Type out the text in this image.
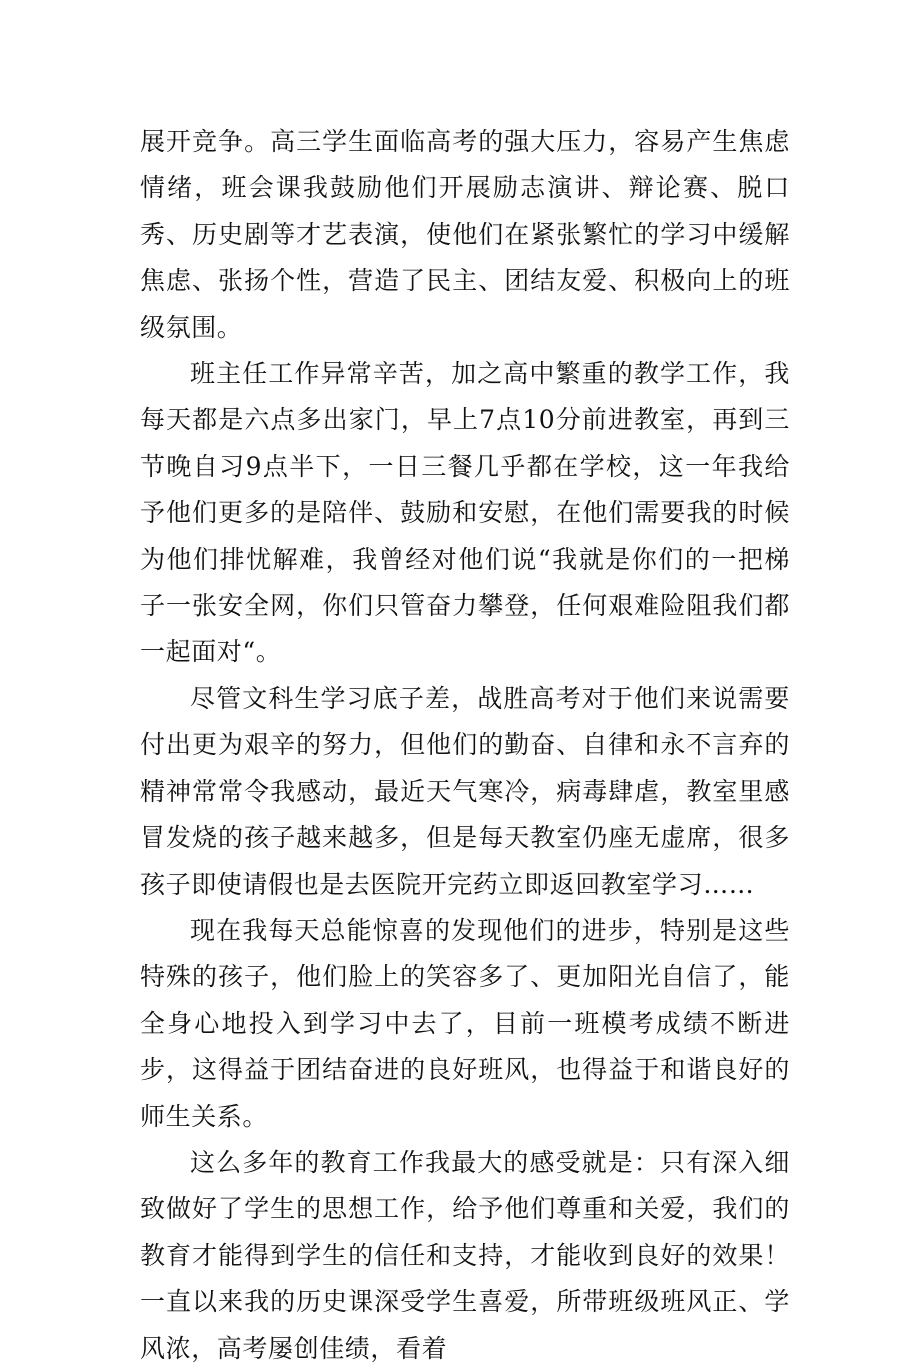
展开竞争。高三学生面临高考的强大压力，容易产生焦虑情绪，班会课我鼓励他们开展励志演讲、辩论赛、脱口秀、历史剧等才艺表演，使他们在紧张繁忙的学习中缓解焦虑、张扬个性，营造了民主、团结友爱、积极向上的班级氛围。

班主任工作异常辛苦，加之高中繁重的教学工作，我每天都是六点多出家门，早上7点10分前进教室，再到三节晚自习9点半下，一日三餐几乎都在学校，这一年我给予他们更多的是陪伴、鼓励和安慰，在他们需要我的时候为他们排忧解难，我曾经对他们说“我就是你们的一把梯子一张安全网，你们只管奋力攀登，任何艰难险阻我们都一起面对“。

尽管文科生学习底子差，战胜高考对于他们来说需要付出更为艰辛的努力，但他们的勤奋、自律和永不言弃的精神常常令我感动，最近天气寒冷，病毒肆虐，教室里感冒发烧的孩子越来越多，但是每天教室仍座无虚席，很多孩子即使请假也是去医院开完药立即返回教室学习……

现在我每天总能惊喜的发现他们的进步，特别是这些特殊的孩子，他们脸上的笑容多了、更加阳光自信了，能全身心地投入到学习中去了，目前一班模考成绩不断进步，这得益于团结奋进的良好班风，也得益于和谐良好的师生关系。

这么多年的教育工作我最大的感受就是：只有深入细致做好了学生的思想工作，给予他们尊重和关爱，我们的教育才能得到学生的信任和支持，才能收到良好的效果！一直以来我的历史课深受学生喜爱，所带班级班风正、学风浓，高考屡创佳绩，看着
